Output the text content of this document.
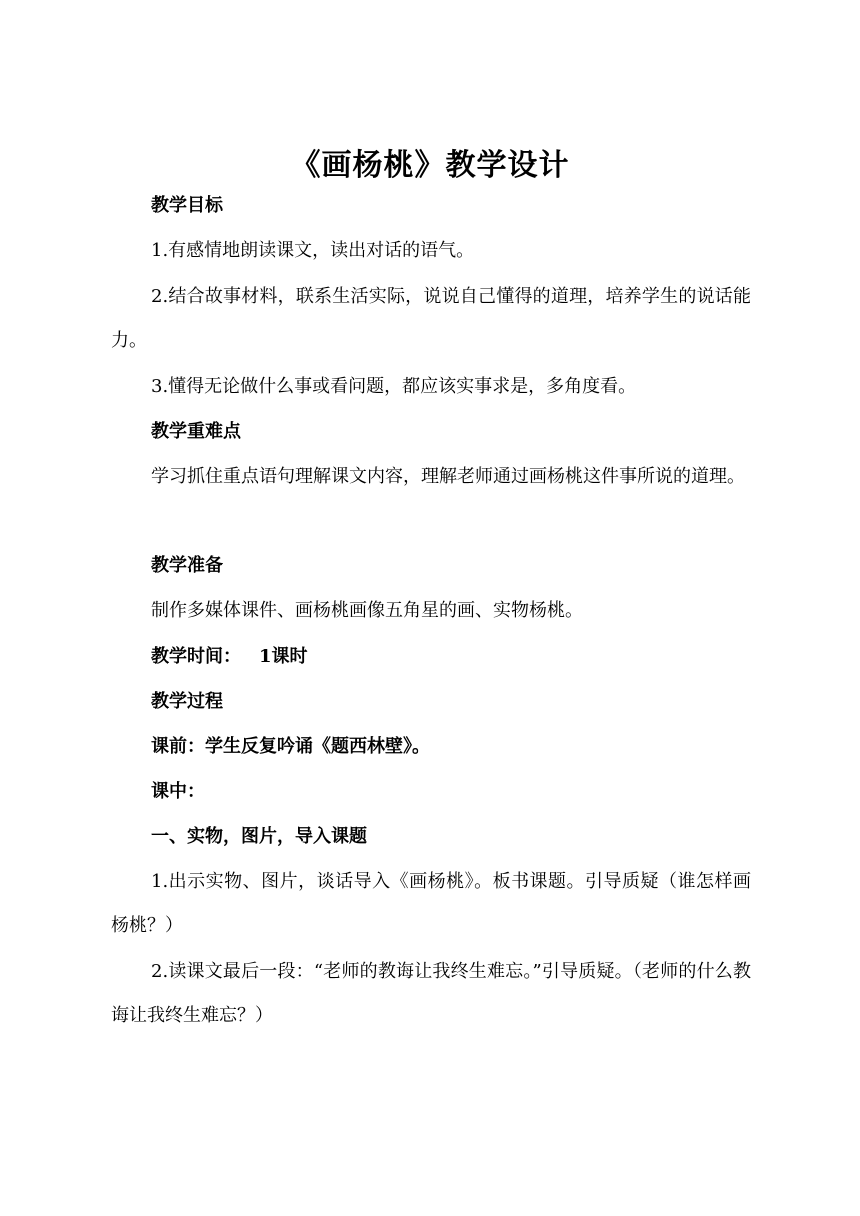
《画杨桃》教学设计
教学目标
1.有感情地朗读课文，读出对话的语气。
2.结合故事材料，联系生活实际，说说自己懂得的道理，培养学生的说话能力。
3.懂得无论做什么事或看问题，都应该实事求是，多角度看。
教学重难点
学习抓住重点语句理解课文内容，理解老师通过画杨桃这件事所说的道理。
教学准备
制作多媒体课件、画杨桃画像五角星的画、实物杨桃。
教学时间： 1课时
教学过程
课前：学生反复吟诵《题西林壁》。
课中：
一、实物，图片，导入课题
1.出示实物、图片，谈话导入《画杨桃》。板书课题。引导质疑（谁怎样画杨桃？）
2.读课文最后一段：“老师的教诲让我终生难忘。”引导质疑。（老师的什么教诲让我终生难忘？）
